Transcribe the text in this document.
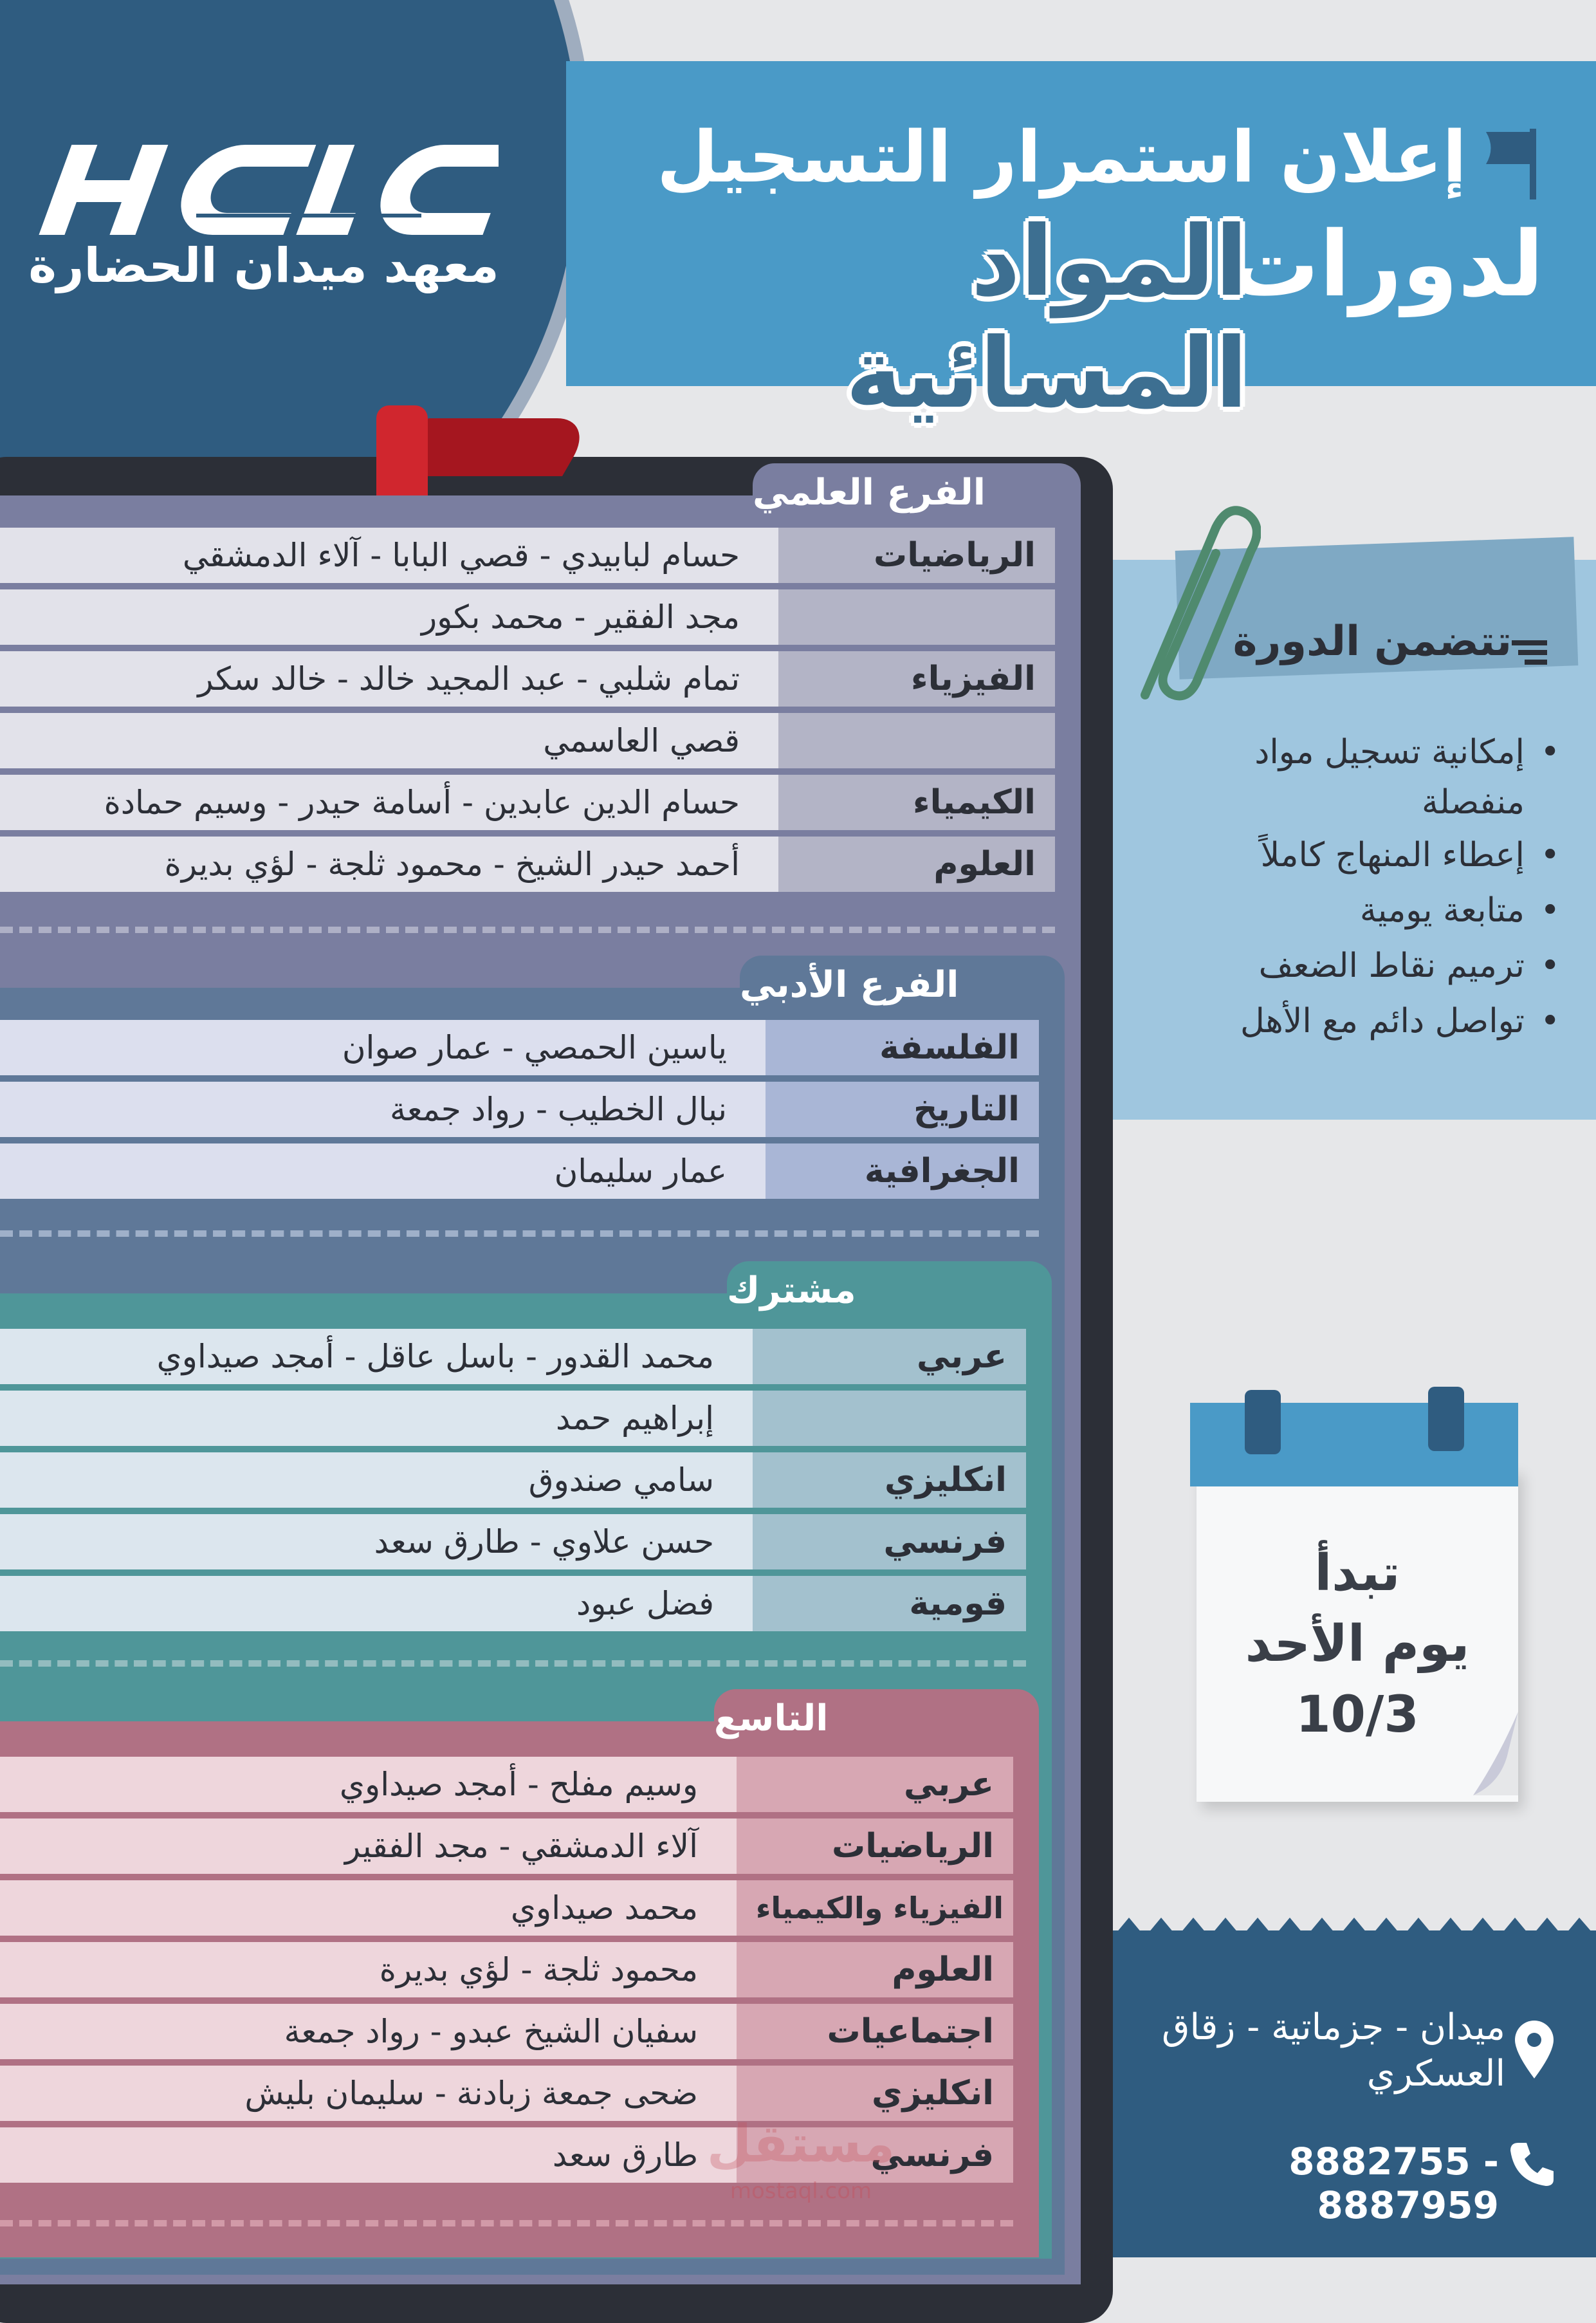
معهد ميدان الحضارة
إعلان استمرار التسجيل
لدورات
المواد المسائية
الفرع العلمي
الرياضيات
حسام لبابيدي - قصي البابا - آلاء الدمشقي
مجد الفقير - محمد بكور
الفيزياء
تمام شلبي - عبد المجيد خالد - خالد سكر
قصي العاسمي
الكيمياء
حسام الدين عابدين - أسامة حيدر - وسيم حمادة
العلوم
أحمد حيدر الشيخ - محمود ثلجة - لؤي بديرة
الفرع الأدبي
الفلسفة
ياسين الحمصي - عمار صوان
التاريخ
نبال الخطيب - رواد جمعة
الجغرافية
عمار سليمان
مشترك
عربي
محمد القدور - باسل عاقل - أمجد صيداوي
إبراهيم حمد
انكليزي
سامي صندوق
فرنسي
حسن علاوي - طارق سعد
قومية
فضل عبود
التاسع
عربي
وسيم مفلح - أمجد صيداوي
الرياضيات
آلاء الدمشقي - مجد الفقير
الفيزياء والكيمياء
محمد صيداوي
العلوم
محمود ثلجة - لؤي بديرة
اجتماعيات
سفيان الشيخ عبدو - رواد جمعة
انكليزي
ضحى جمعة زبادنة - سليمان بليش
فرنسي
طارق سعد مستقل
mostaql.com
تتضمن الدورة
إمكانية تسجيل مواد منفصلة •
إعطاء المنهاج كاملاً •
متابعة يومية •
ترميم نقاط الضعف •
تواصل دائم مع الأهل •
تبدأ
يوم الأحد
10/3
ميدان - جزماتية - زقاق العسكري
8882755 - 8887959
